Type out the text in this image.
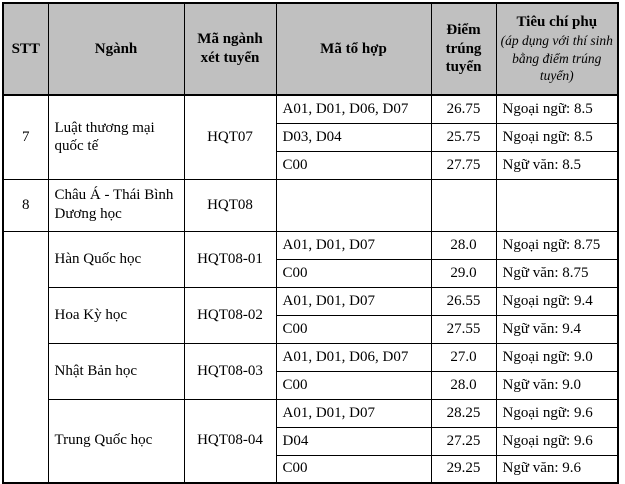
STT	Ngành	Mã ngành xét tuyển	Mã tổ hợp	Điểm trúng tuyển	Tiêu chí phụ
(áp dụng với thí sinh bằng điểm trúng tuyển)

7	Luật thương mại quốc tế	HQT07	A01, D01, D06, D07	26.75	Ngoại ngữ: 8.5
			D03, D04	25.75	Ngoại ngữ: 8.5
			C00	27.75	Ngữ văn: 8.5
8	Châu Á - Thái Bình Dương học	HQT08			
	Hàn Quốc học	HQT08-01	A01, D01, D07	28.0	Ngoại ngữ: 8.75
			C00	29.0	Ngữ văn: 8.75
	Hoa Kỳ học	HQT08-02	A01, D01, D07	26.55	Ngoại ngữ: 9.4
			C00	27.55	Ngữ văn: 9.4
	Nhật Bản học	HQT08-03	A01, D01, D06, D07	27.0	Ngoại ngữ: 9.0
			C00	28.0	Ngữ văn: 9.0
	Trung Quốc học	HQT08-04	A01, D01, D07	28.25	Ngoại ngữ: 9.6
			D04	27.25	Ngoại ngữ: 9.6
			C00	29.25	Ngữ văn: 9.6
